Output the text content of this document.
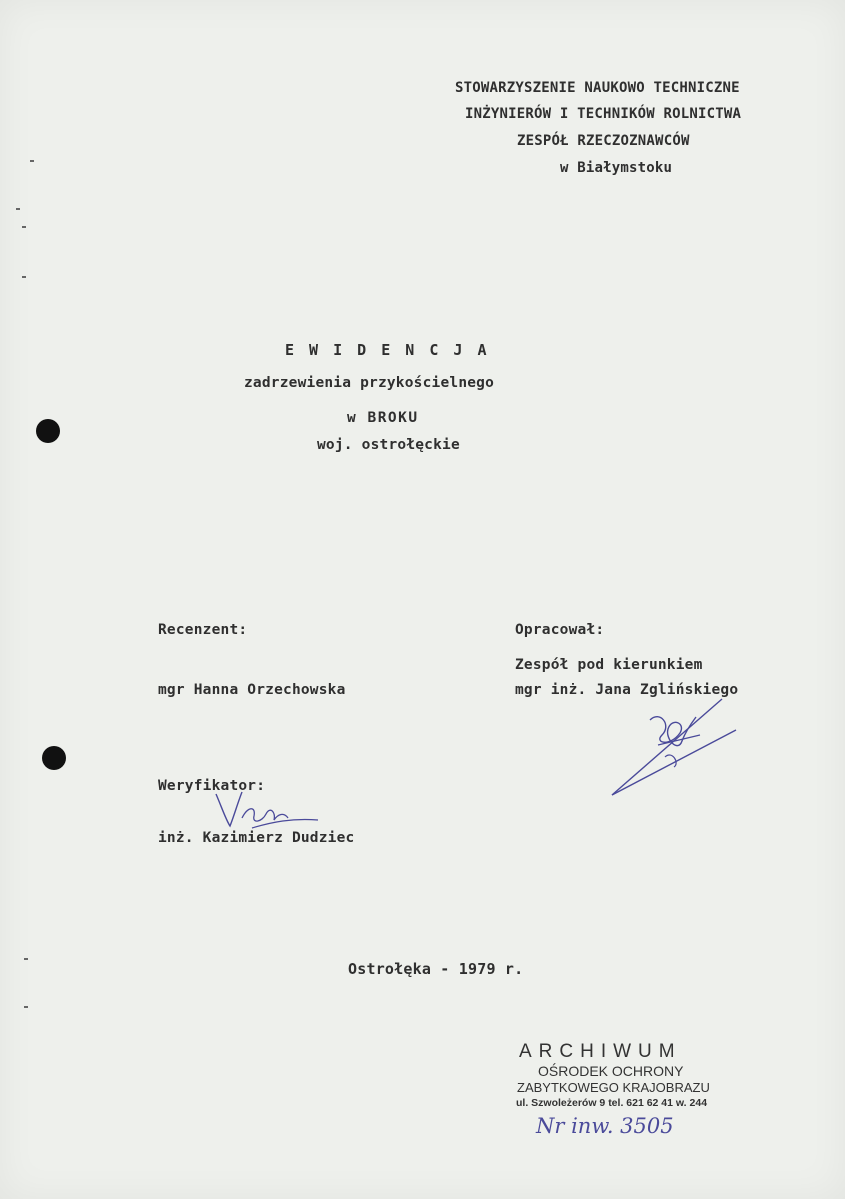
STOWARZYSZENIE NAUKOWO TECHNICZNE
INŻYNIERÓW I TECHNIKÓW ROLNICTWA
ZESPÓŁ RZECZOZNAWCÓW
w Białymstoku
E W I D E N C J A
zadrzewienia przykościelnego
w BROKU
woj. ostrołęckie
Recenzent:
mgr Hanna Orzechowska
Opracował:
Zespół pod kierunkiem
mgr inż. Jana Zglińskiego
Weryfikator:
inż. Kazimierz Dudziec
Ostrołęka - 1979 r.
ARCHIWUM
OŚRODEK OCHRONY
ZABYTKOWEGO KRAJOBRAZU
ul. Szwoleżerów 9 tel. 621 62 41 w. 244
Nr inw. 3505
